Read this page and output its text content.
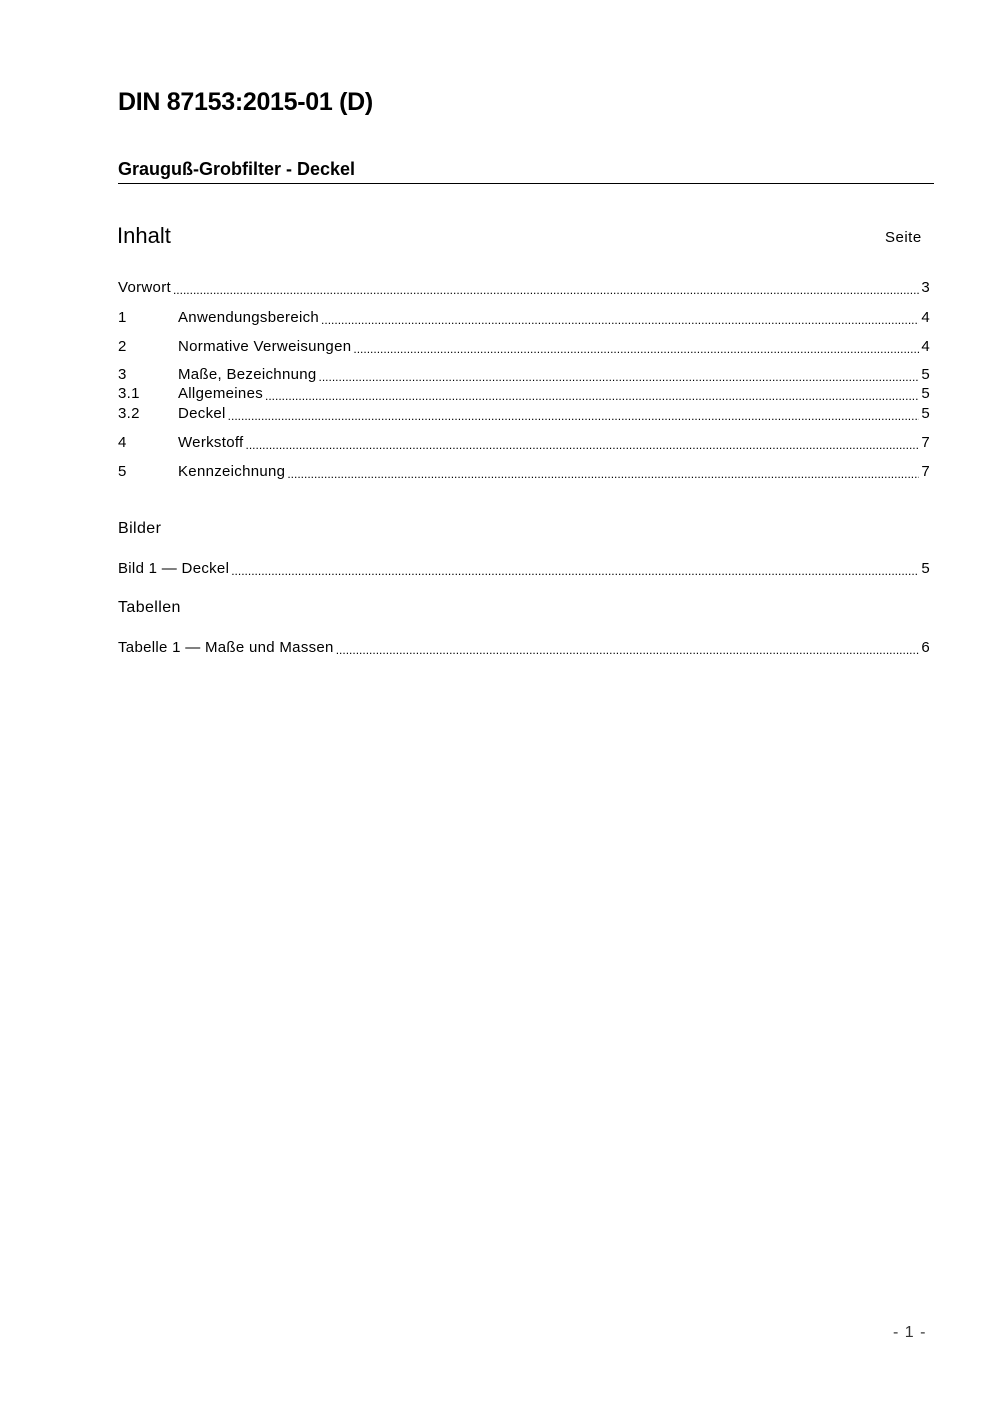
DIN 87153:2015-01 (D)
Grauguß-Grobfilter - Deckel
Inhalt	Seite
Vorwort .....	3
1	Anwendungsbereich .....	4
2	Normative Verweisungen .....	4
3	Maße, Bezeichnung .....	5
3.1	Allgemeines .....	5
3.2	Deckel .....	5
4	Werkstoff .....	7
5	Kennzeichnung .....	7
Bilder
Bild 1 — Deckel .....	5
Tabellen
Tabelle 1 — Maße und Massen .....	6
- 1 -
